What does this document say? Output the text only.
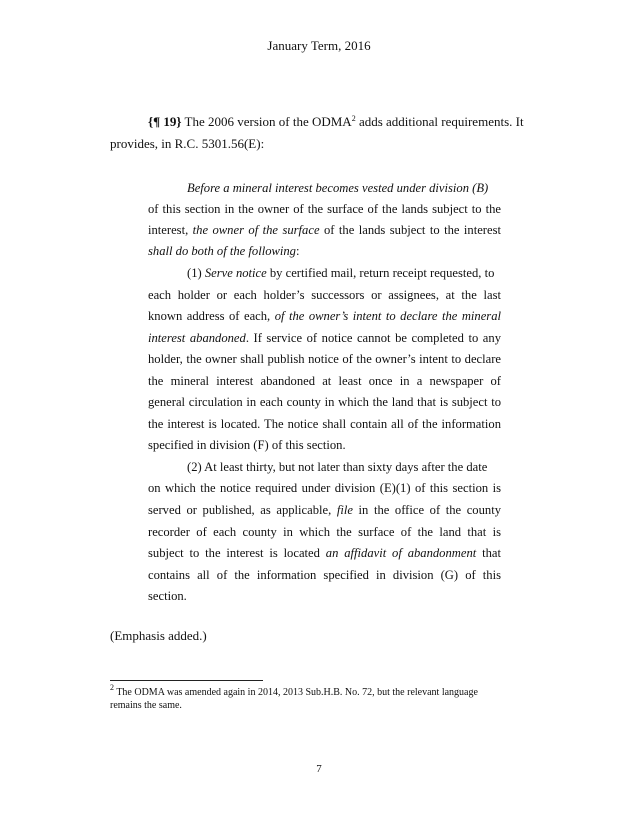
January Term, 2016
{¶ 19} The 2006 version of the ODMA$^2$ adds additional requirements. It
provides, in R.C. 5301.56(E):
Before a mineral interest becomes vested under division (B)
of this section in the owner of the surface of the lands subject to the
interest, the owner of the surface of the lands subject to the interest
shall do both of the following:
(1) Serve notice by certified mail, return receipt requested, to
each holder or each holder’s successors or assignees, at the last
known address of each, of the owner’s intent to declare the mineral
interest abandoned. If service of notice cannot be completed to any
holder, the owner shall publish notice of the owner’s intent to declare
the mineral interest abandoned at least once in a newspaper of
general circulation in each county in which the land that is subject to
the interest is located. The notice shall contain all of the information
specified in division (F) of this section.
(2) At least thirty, but not later than sixty days after the date
on which the notice required under division (E)(1) of this section is
served or published, as applicable, file in the office of the county
recorder of each county in which the surface of the land that is
subject to the interest is located an affidavit of abandonment that
contains all of the information specified in division (G) of this
section.
(Emphasis added.)
$^2$ The ODMA was amended again in 2014, 2013 Sub.H.B. No. 72, but the relevant language
remains the same.
7
